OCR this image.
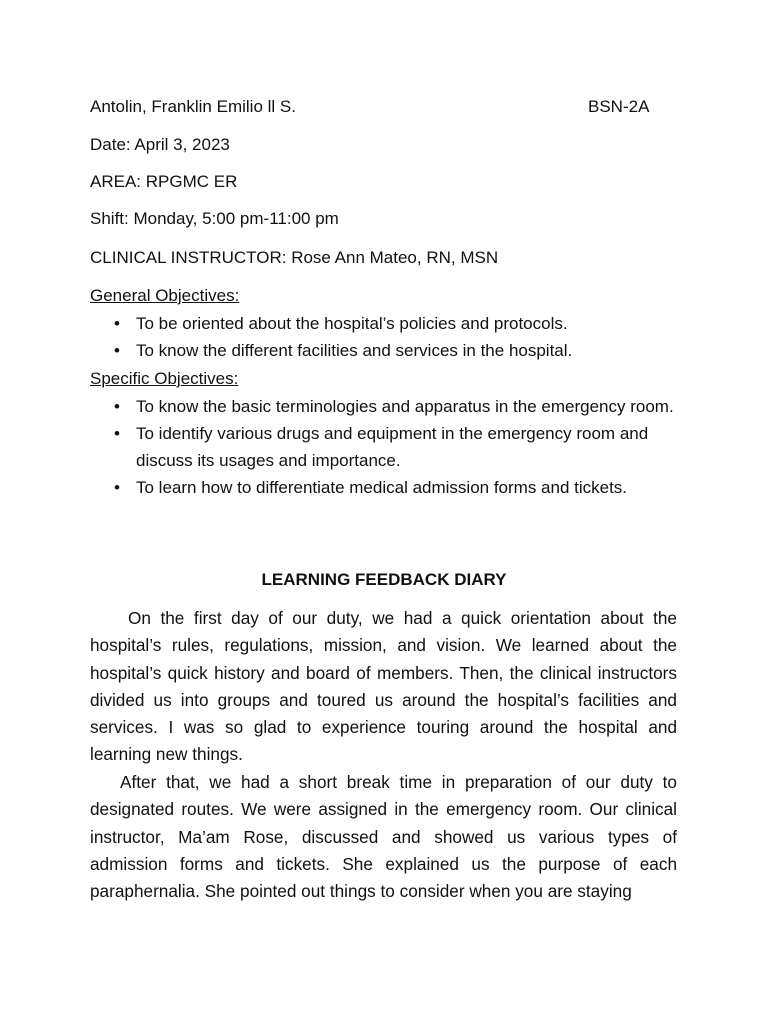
Antolin, Franklin Emilio ll S.	BSN-2A
Date: April 3, 2023
AREA: RPGMC ER
Shift: Monday, 5:00 pm-11:00 pm
CLINICAL INSTRUCTOR: Rose Ann Mateo, RN, MSN
General Objectives:
• To be oriented about the hospital’s policies and protocols.
• To know the different facilities and services in the hospital.
Specific Objectives:
• To know the basic terminologies and apparatus in the emergency room.
• To identify various drugs and equipment in the emergency room and discuss its usages and importance.
• To learn how to differentiate medical admission forms and tickets.
LEARNING FEEDBACK DIARY

On the first day of our duty, we had a quick orientation about the hospital’s rules, regulations, mission, and vision. We learned about the hospital’s quick history and board of members. Then, the clinical instructors divided us into groups and toured us around the hospital’s facilities and services. I was so glad to experience touring around the hospital and learning new things.

After that, we had a short break time in preparation of our duty to designated routes. We were assigned in the emergency room. Our clinical instructor, Ma’am Rose, discussed and showed us various types of admission forms and tickets. She explained us the purpose of each paraphernalia. She pointed out things to consider when you are staying
